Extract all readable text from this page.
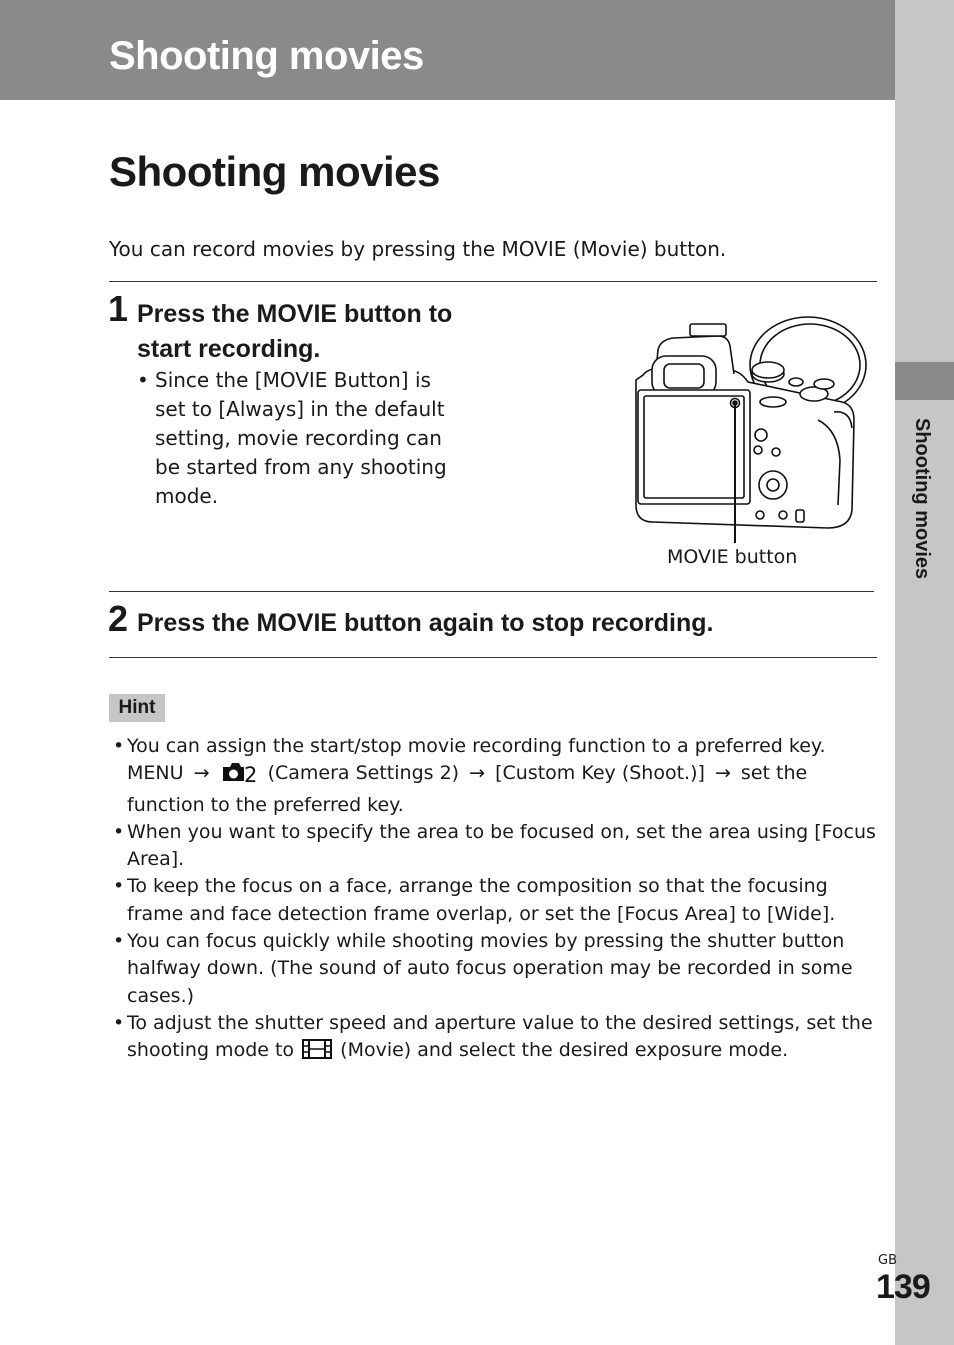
Shooting movies
Shooting movies
Shooting movies

You can record movies by pressing the MOVIE (Movie) button.

1 Press the MOVIE button to
start recording.
• Since the [MOVIE Button] is set to [Always] in the default setting, movie recording can be started from any shooting mode.
MOVIE button
2 Press the MOVIE button again to stop recording.
Hint
• You can assign the start/stop movie recording function to a preferred key. MENU → 2 (Camera Settings 2) → [Custom Key (Shoot.)] → set the function to the preferred key.
• When you want to specify the area to be focused on, set the area using [Focus Area].
• To keep the focus on a face, arrange the composition so that the focusing frame and face detection frame overlap, or set the [Focus Area] to [Wide].
• You can focus quickly while shooting movies by pressing the shutter button halfway down. (The sound of auto focus operation may be recorded in some cases.)
• To adjust the shutter speed and aperture value to the desired settings, set the shooting mode to (Movie) and select the desired exposure mode.
GB
139
